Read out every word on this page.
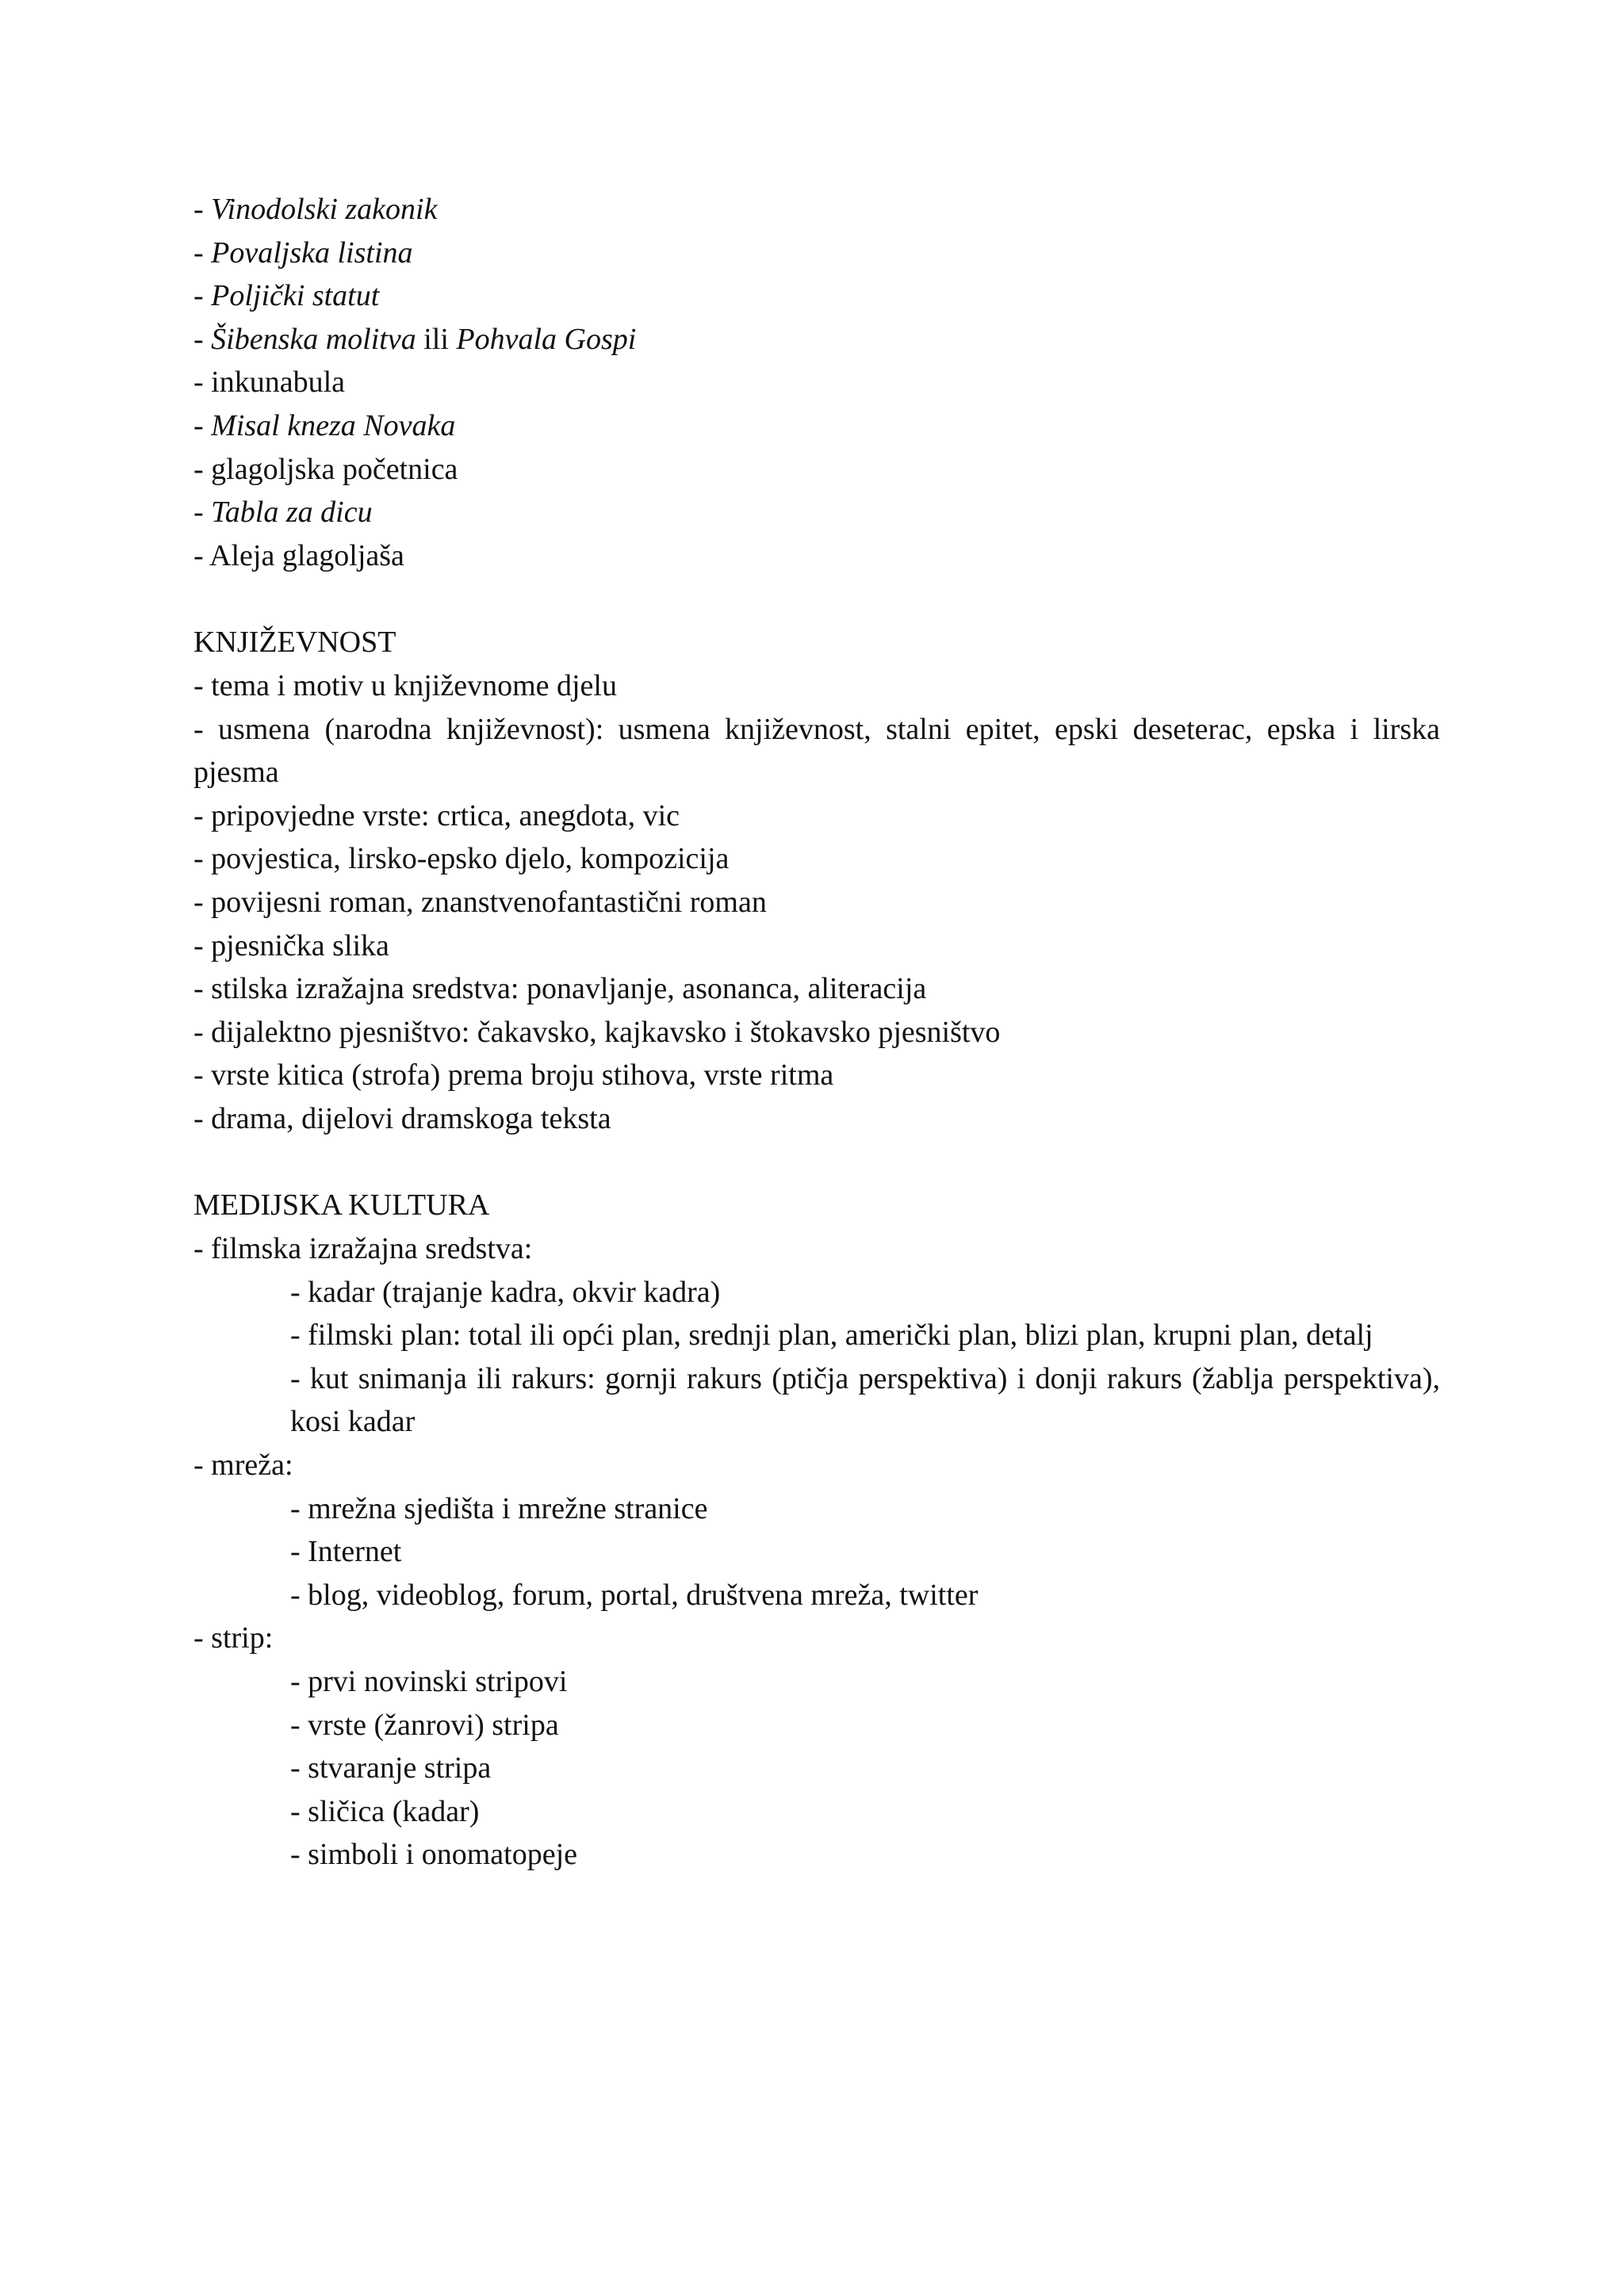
- Vinodolski zakonik
- Povaljska listina
- Poljički statut
- Šibenska molitva ili Pohvala Gospi
- inkunabula
- Misal kneza Novaka
- glagoljska početnica
- Tabla za dicu
- Aleja glagoljaša
KNJIŽEVNOST
- tema i motiv u književnome djelu
- usmena (narodna književnost): usmena književnost, stalni epitet, epski deseterac, epska i lirska pjesma
- pripovjedne vrste: crtica, anegdota, vic
- povjestica, lirsko-epsko djelo, kompozicija
- povijesni roman, znanstvenofantastični roman
- pjesnička slika
- stilska izražajna sredstva: ponavljanje, asonanca, aliteracija
- dijalektno pjesništvo: čakavsko, kajkavsko i štokavsko pjesništvo
- vrste kitica (strofa) prema broju stihova, vrste ritma
- drama, dijelovi dramskoga teksta
MEDIJSKA KULTURA
- filmska izražajna sredstva:
- kadar (trajanje kadra, okvir kadra)
- filmski plan: total ili opći plan, srednji plan, američki plan, blizi plan, krupni plan, detalj
- kut snimanja ili rakurs: gornji rakurs (ptičja perspektiva) i donji rakurs (žablja perspektiva), kosi kadar
- mreža:
- mrežna sjedišta i mrežne stranice
- Internet
- blog, videoblog, forum, portal, društvena mreža, twitter
- strip:
- prvi novinski stripovi
- vrste (žanrovi) stripa
- stvaranje stripa
- sličica (kadar)
- simboli i onomatopeje
